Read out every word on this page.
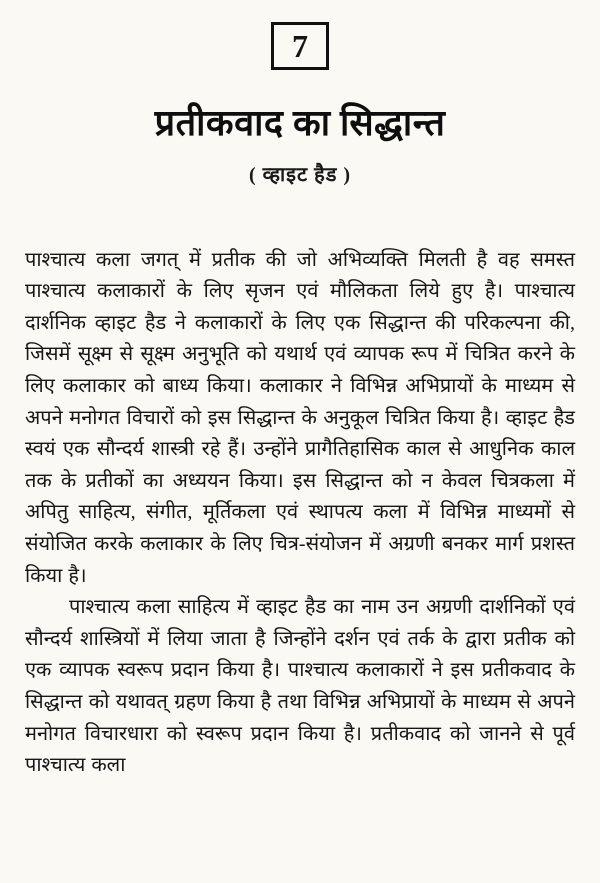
7
प्रतीकवाद का सिद्धान्त
( व्हाइट हैड )

पाश्चात्य कला जगत् में प्रतीक की जो अभिव्यक्ति मिलती है वह समस्त पाश्चात्य कलाकारों के लिए सृजन एवं मौलिकता लिये हुए है। पाश्चात्य दार्शनिक व्हाइट हैड ने कलाकारों के लिए एक सिद्धान्त की परिकल्पना की, जिसमें सूक्ष्म से सूक्ष्म अनुभूति को यथार्थ एवं व्यापक रूप में चित्रित करने के लिए कलाकार को बाध्य किया। कलाकार ने विभिन्न अभिप्रायों के माध्यम से अपने मनोगत विचारों को इस सिद्धान्त के अनुकूल चित्रित किया है। व्हाइट हैड स्वयं एक सौन्दर्य शास्त्री रहे हैं। उन्होंने प्रागैतिहासिक काल से आधुनिक काल तक के प्रतीकों का अध्ययन किया। इस सिद्धान्त को न केवल चित्रकला में अपितु साहित्य, संगीत, मूर्तिकला एवं स्थापत्य कला में विभिन्न माध्यमों से संयोजित करके कलाकार के लिए चित्र-संयोजन में अग्रणी बनकर मार्ग प्रशस्त किया है।

पाश्चात्य कला साहित्य में व्हाइट हैड का नाम उन अग्रणी दार्शनिकों एवं सौन्दर्य शास्त्रियों में लिया जाता है जिन्होंने दर्शन एवं तर्क के द्वारा प्रतीक को एक व्यापक स्वरूप प्रदान किया है। पाश्चात्य कलाकारों ने इस प्रतीकवाद के सिद्धान्त को यथावत् ग्रहण किया है तथा विभिन्न अभिप्रायों के माध्यम से अपने मनोगत विचारधारा को स्वरूप प्रदान किया है। प्रतीकवाद को जानने से पूर्व पाश्चात्य कला
